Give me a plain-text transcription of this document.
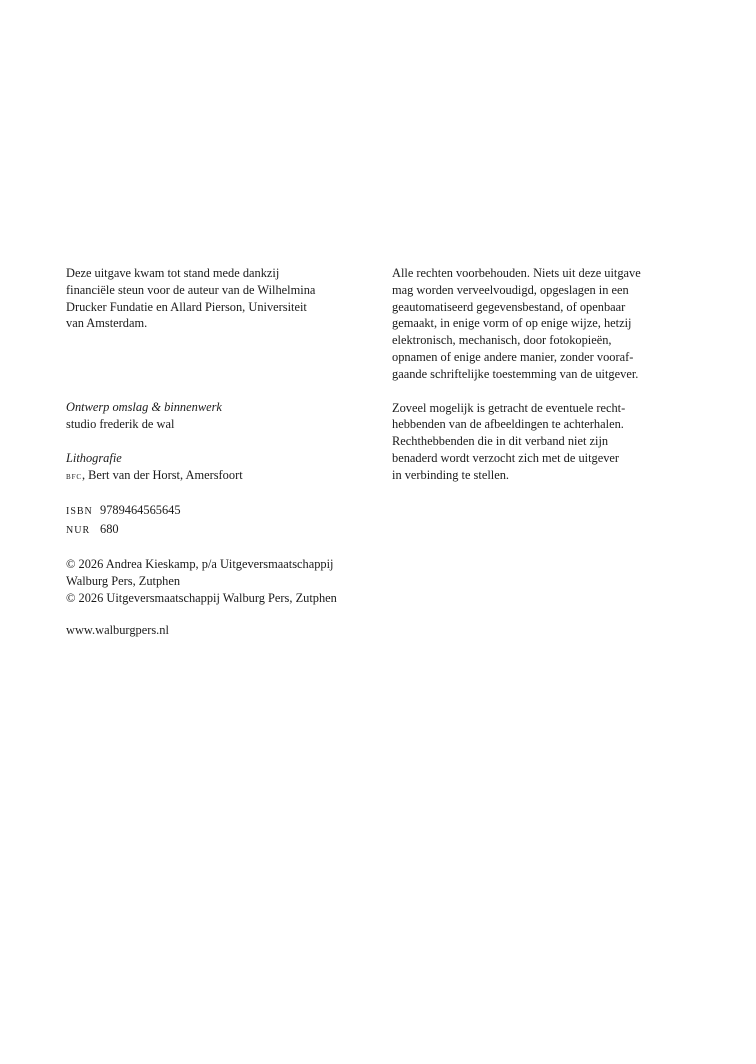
Deze uitgave kwam tot stand mede dankzij
financiële steun voor de auteur van de Wilhelmina
Drucker Fundatie en Allard Pierson, Universiteit
van Amsterdam.
Ontwerp omslag & binnenwerk
studio frederik de wal
Lithografie
bfc, Bert van der Horst, Amersfoort
ISBN 9789464565645
NUR 680
© 2026 Andrea Kieskamp, p/a Uitgeversmaatschappij
Walburg Pers, Zutphen
© 2026 Uitgeversmaatschappij Walburg Pers, Zutphen
www.walburgpers.nl
Alle rechten voorbehouden. Niets uit deze uitgave
mag worden verveelvoudigd, opgeslagen in een
geautomatiseerd gegevensbestand, of openbaar
gemaakt, in enige vorm of op enige wijze, hetzij
elektronisch, mechanisch, door fotokopieën,
opnamen of enige andere manier, zonder vooraf-
gaande schriftelijke toestemming van de uitgever.
Zoveel mogelijk is getracht de eventuele recht-
hebbenden van de afbeeldingen te achterhalen.
Rechthebbenden die in dit verband niet zijn
benaderd wordt verzocht zich met de uitgever
in verbinding te stellen.
